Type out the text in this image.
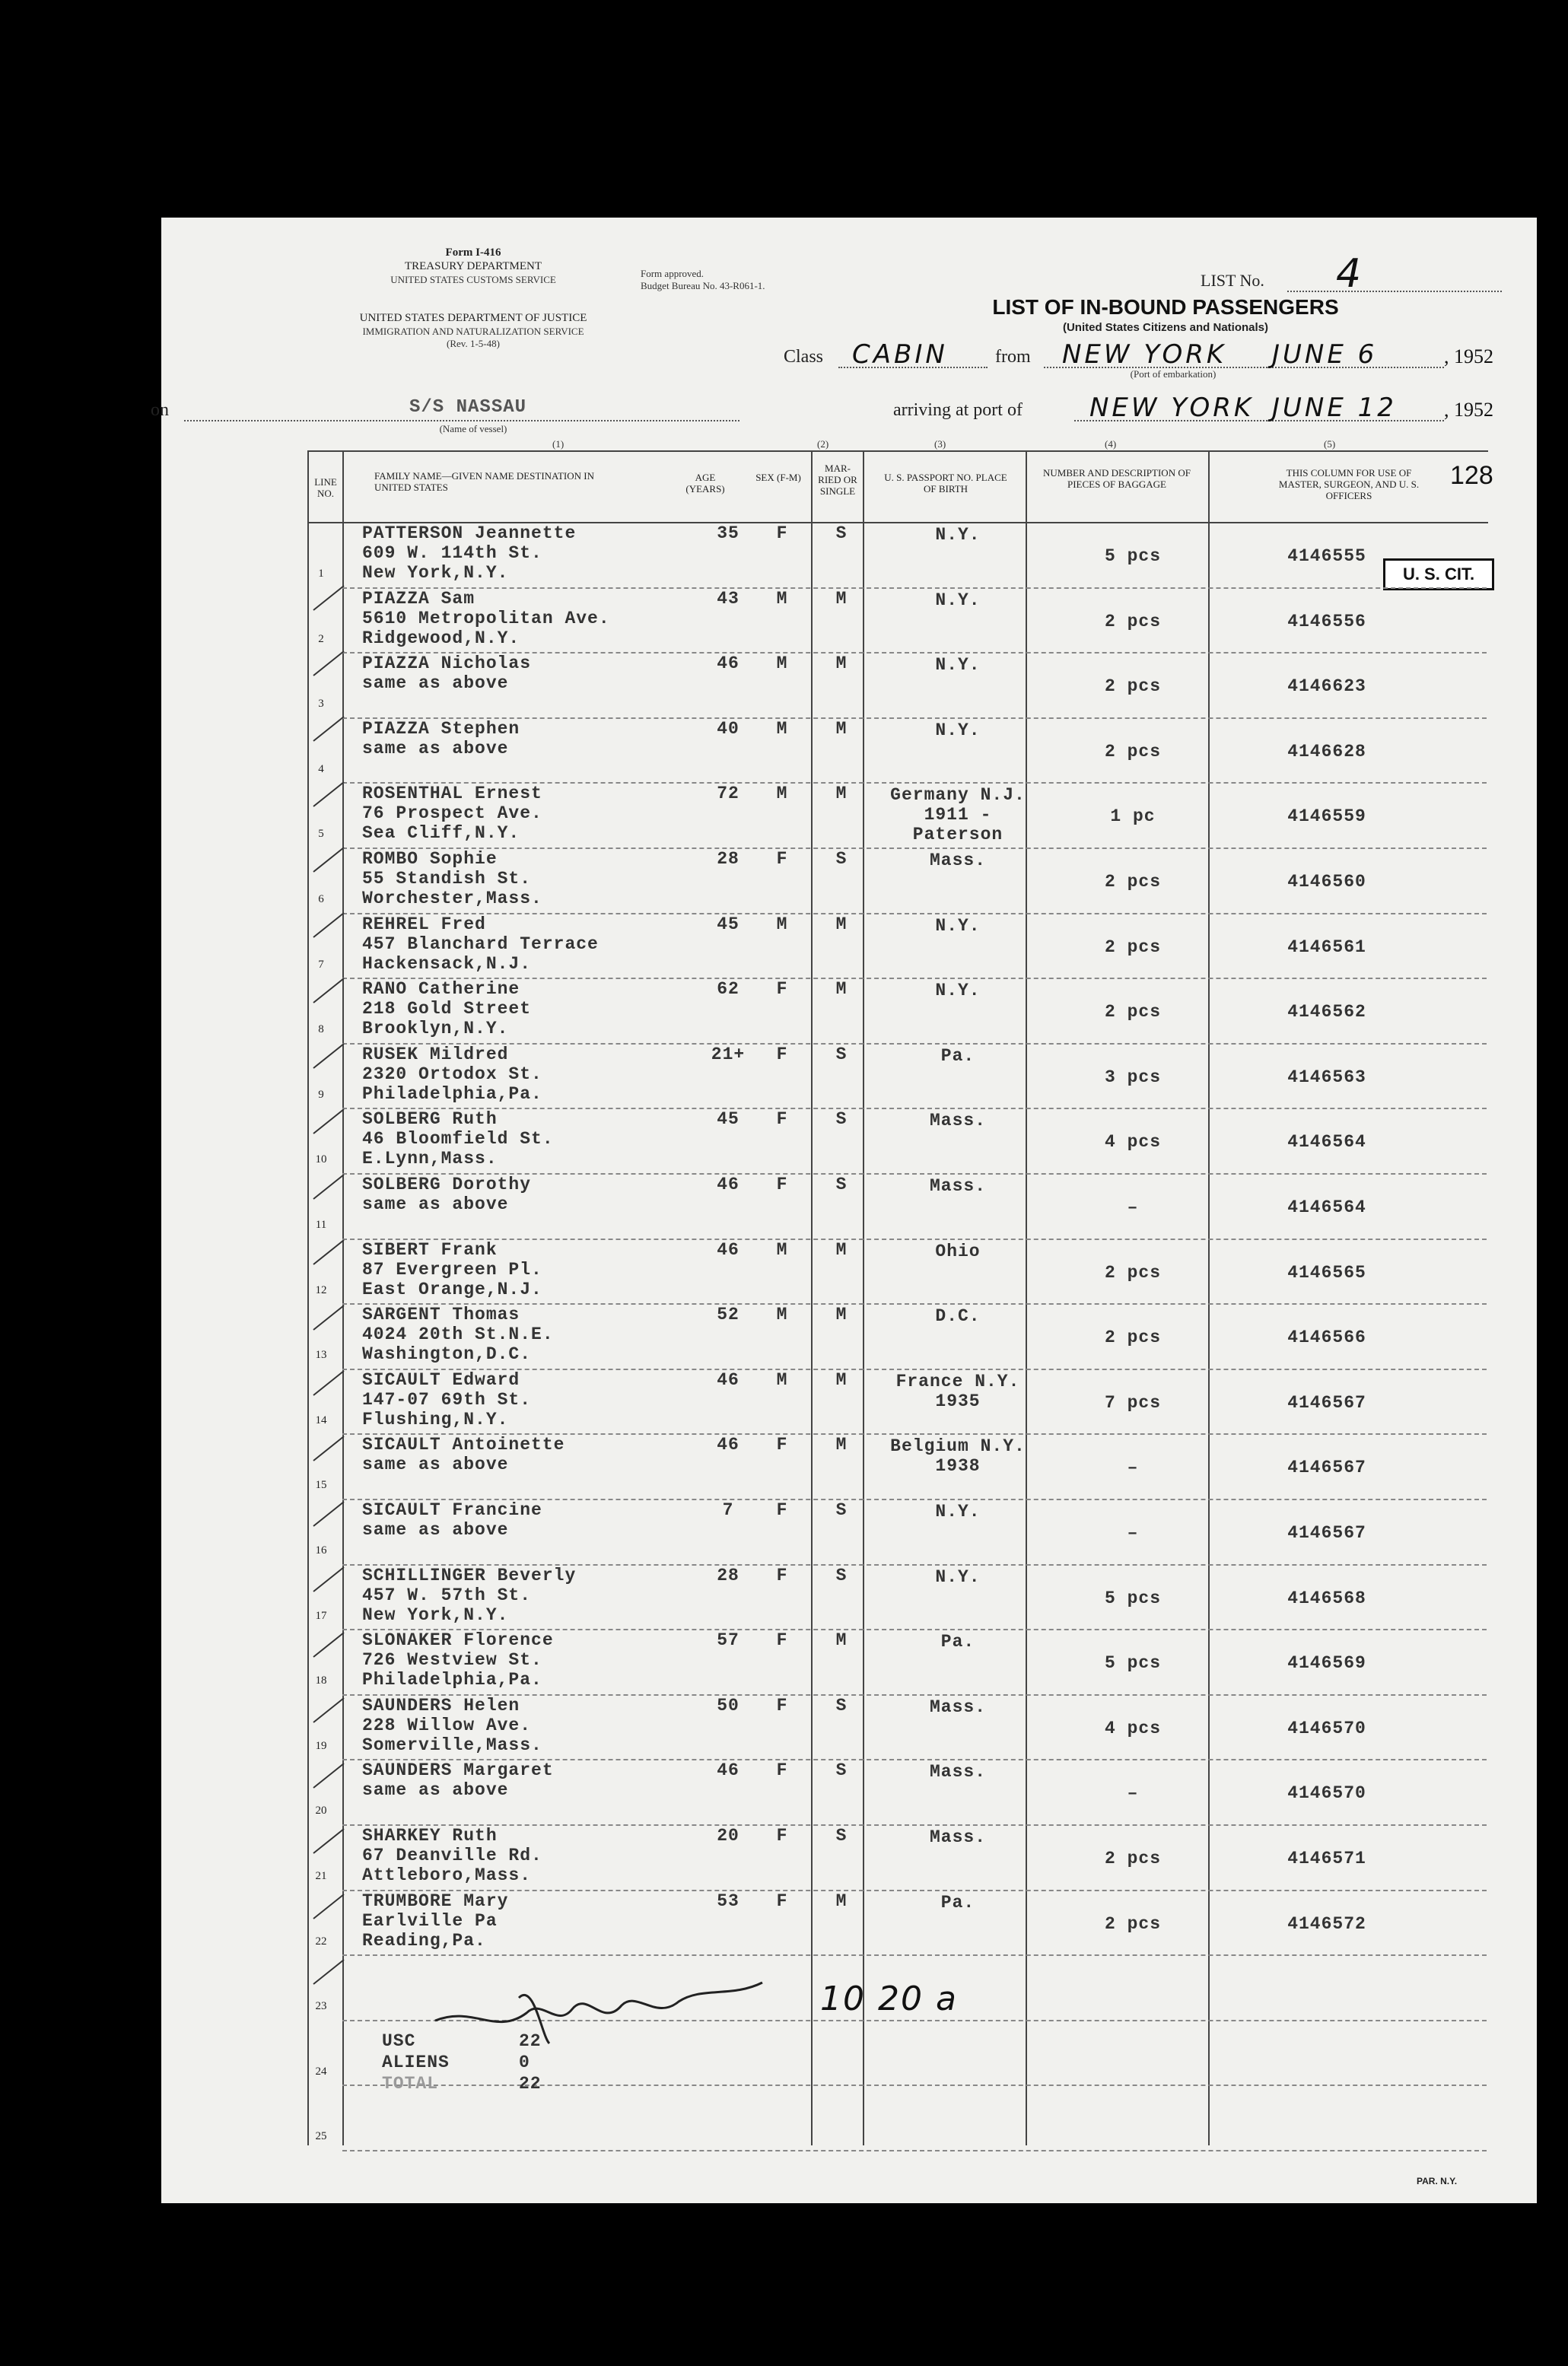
Form I-416
TREASURY DEPARTMENT
UNITED STATES CUSTOMS SERVICE
UNITED STATES DEPARTMENT OF JUSTICE
IMMIGRATION AND NATURALIZATION SERVICE
(Rev. 1-5-48)
Form approved.
Budget Bureau No. 43-R061-1.	LIST No. 4
LIST OF IN-BOUND PASSENGERS
(United States Citizens and Nationals)
Class CABIN	from NEW YORK JUNE 6	, 1952
(Port of embarkation)
on	S/S NASSAU
(Name of vessel)
arriving at port of	NEW YORK JUNE 12 , 1952
(1)	(2)	(3)	(4)	(5)
LINE NO.
FAMILY NAME—GIVEN NAME DESTINATION IN UNITED STATES
AGE (YEARS)
SEX (F-M)
MAR-RIED OR SINGLE
U. S. PASSPORT NO. PLACE OF BIRTH
NUMBER AND DESCRIPTION OF PIECES OF BAGGAGE
THIS COLUMN FOR USE OF MASTER, SURGEON, AND U. S. OFFICERS
128
U. S. CIT.
1
PATTERSON Jeannette
609 W. 114th St.
New York,N.Y.
35	F	S	N.Y.
5 pcs	4146555
2
PIAZZA Sam
5610 Metropolitan Ave.
Ridgewood,N.Y.
43	M	M	N.Y.
2 pcs	4146556
3
PIAZZA Nicholas
same as above
46	M	M	N.Y.
2 pcs	4146623
4
PIAZZA Stephen
same as above
40	M	M	N.Y.
2 pcs	4146628
5
ROSENTHAL Ernest
76 Prospect Ave.
Sea Cliff,N.Y.
72	M	M	Germany N.J. 1911 -Paterson
1 pc	4146559
6
ROMBO Sophie
55 Standish St.
Worchester,Mass.
28	F	S	Mass.
2 pcs	4146560
7
REHREL Fred
457 Blanchard Terrace
Hackensack,N.J.
45	M	M	N.Y.
2 pcs	4146561
8
RANO Catherine
218 Gold Street
Brooklyn,N.Y.
62	F	M	N.Y.
2 pcs	4146562
9
RUSEK Mildred
2320 Ortodox St.
Philadelphia,Pa.
21+	F	S	Pa.
3 pcs	4146563
10
SOLBERG Ruth
46 Bloomfield St.
E.Lynn,Mass.
45	F	S	Mass.
4 pcs	4146564
11
SOLBERG Dorothy
same as above
46	F	S	Mass.
–	4146564
12
SIBERT Frank
87 Evergreen Pl.
East Orange,N.J.
46	M	M	Ohio
2 pcs	4146565
13
SARGENT Thomas
4024 20th St.N.E.
Washington,D.C.
52	M	M	D.C.
2 pcs	4146566
14
SICAULT Edward
147-07 69th St.
Flushing,N.Y.
46	M	M	France N.Y. 1935	7 pcs	4146567
15
SICAULT Antoinette
same as above
46	F	M	Belgium N.Y. 1938	–	4146567
16
SICAULT Francine
same as above
7	F	S	N.Y.
–	4146567
17
SCHILLINGER Beverly
457 W. 57th St.
New York,N.Y.
28	F	S	N.Y.
5 pcs	4146568
18
SLONAKER Florence
726 Westview St.
Philadelphia,Pa.
57	F	M	Pa.
5 pcs	4146569
19
SAUNDERS Helen
228 Willow Ave.
Somerville,Mass.
50	F	S	Mass.
4 pcs	4146570
20
SAUNDERS Margaret
same as above
46	F	S	Mass.
–	4146570
21
SHARKEY Ruth
67 Deanville Rd.
Attleboro,Mass.
20	F	S	Mass.
2 pcs	4146571
22
TRUMBORE Mary
Earlville Pa
Reading,Pa.
53	F	M	Pa.
2 pcs	4146572
23
24
25
USC	22
ALIENS	0
TOTAL	22
10 20 a
PAR. N.Y.
